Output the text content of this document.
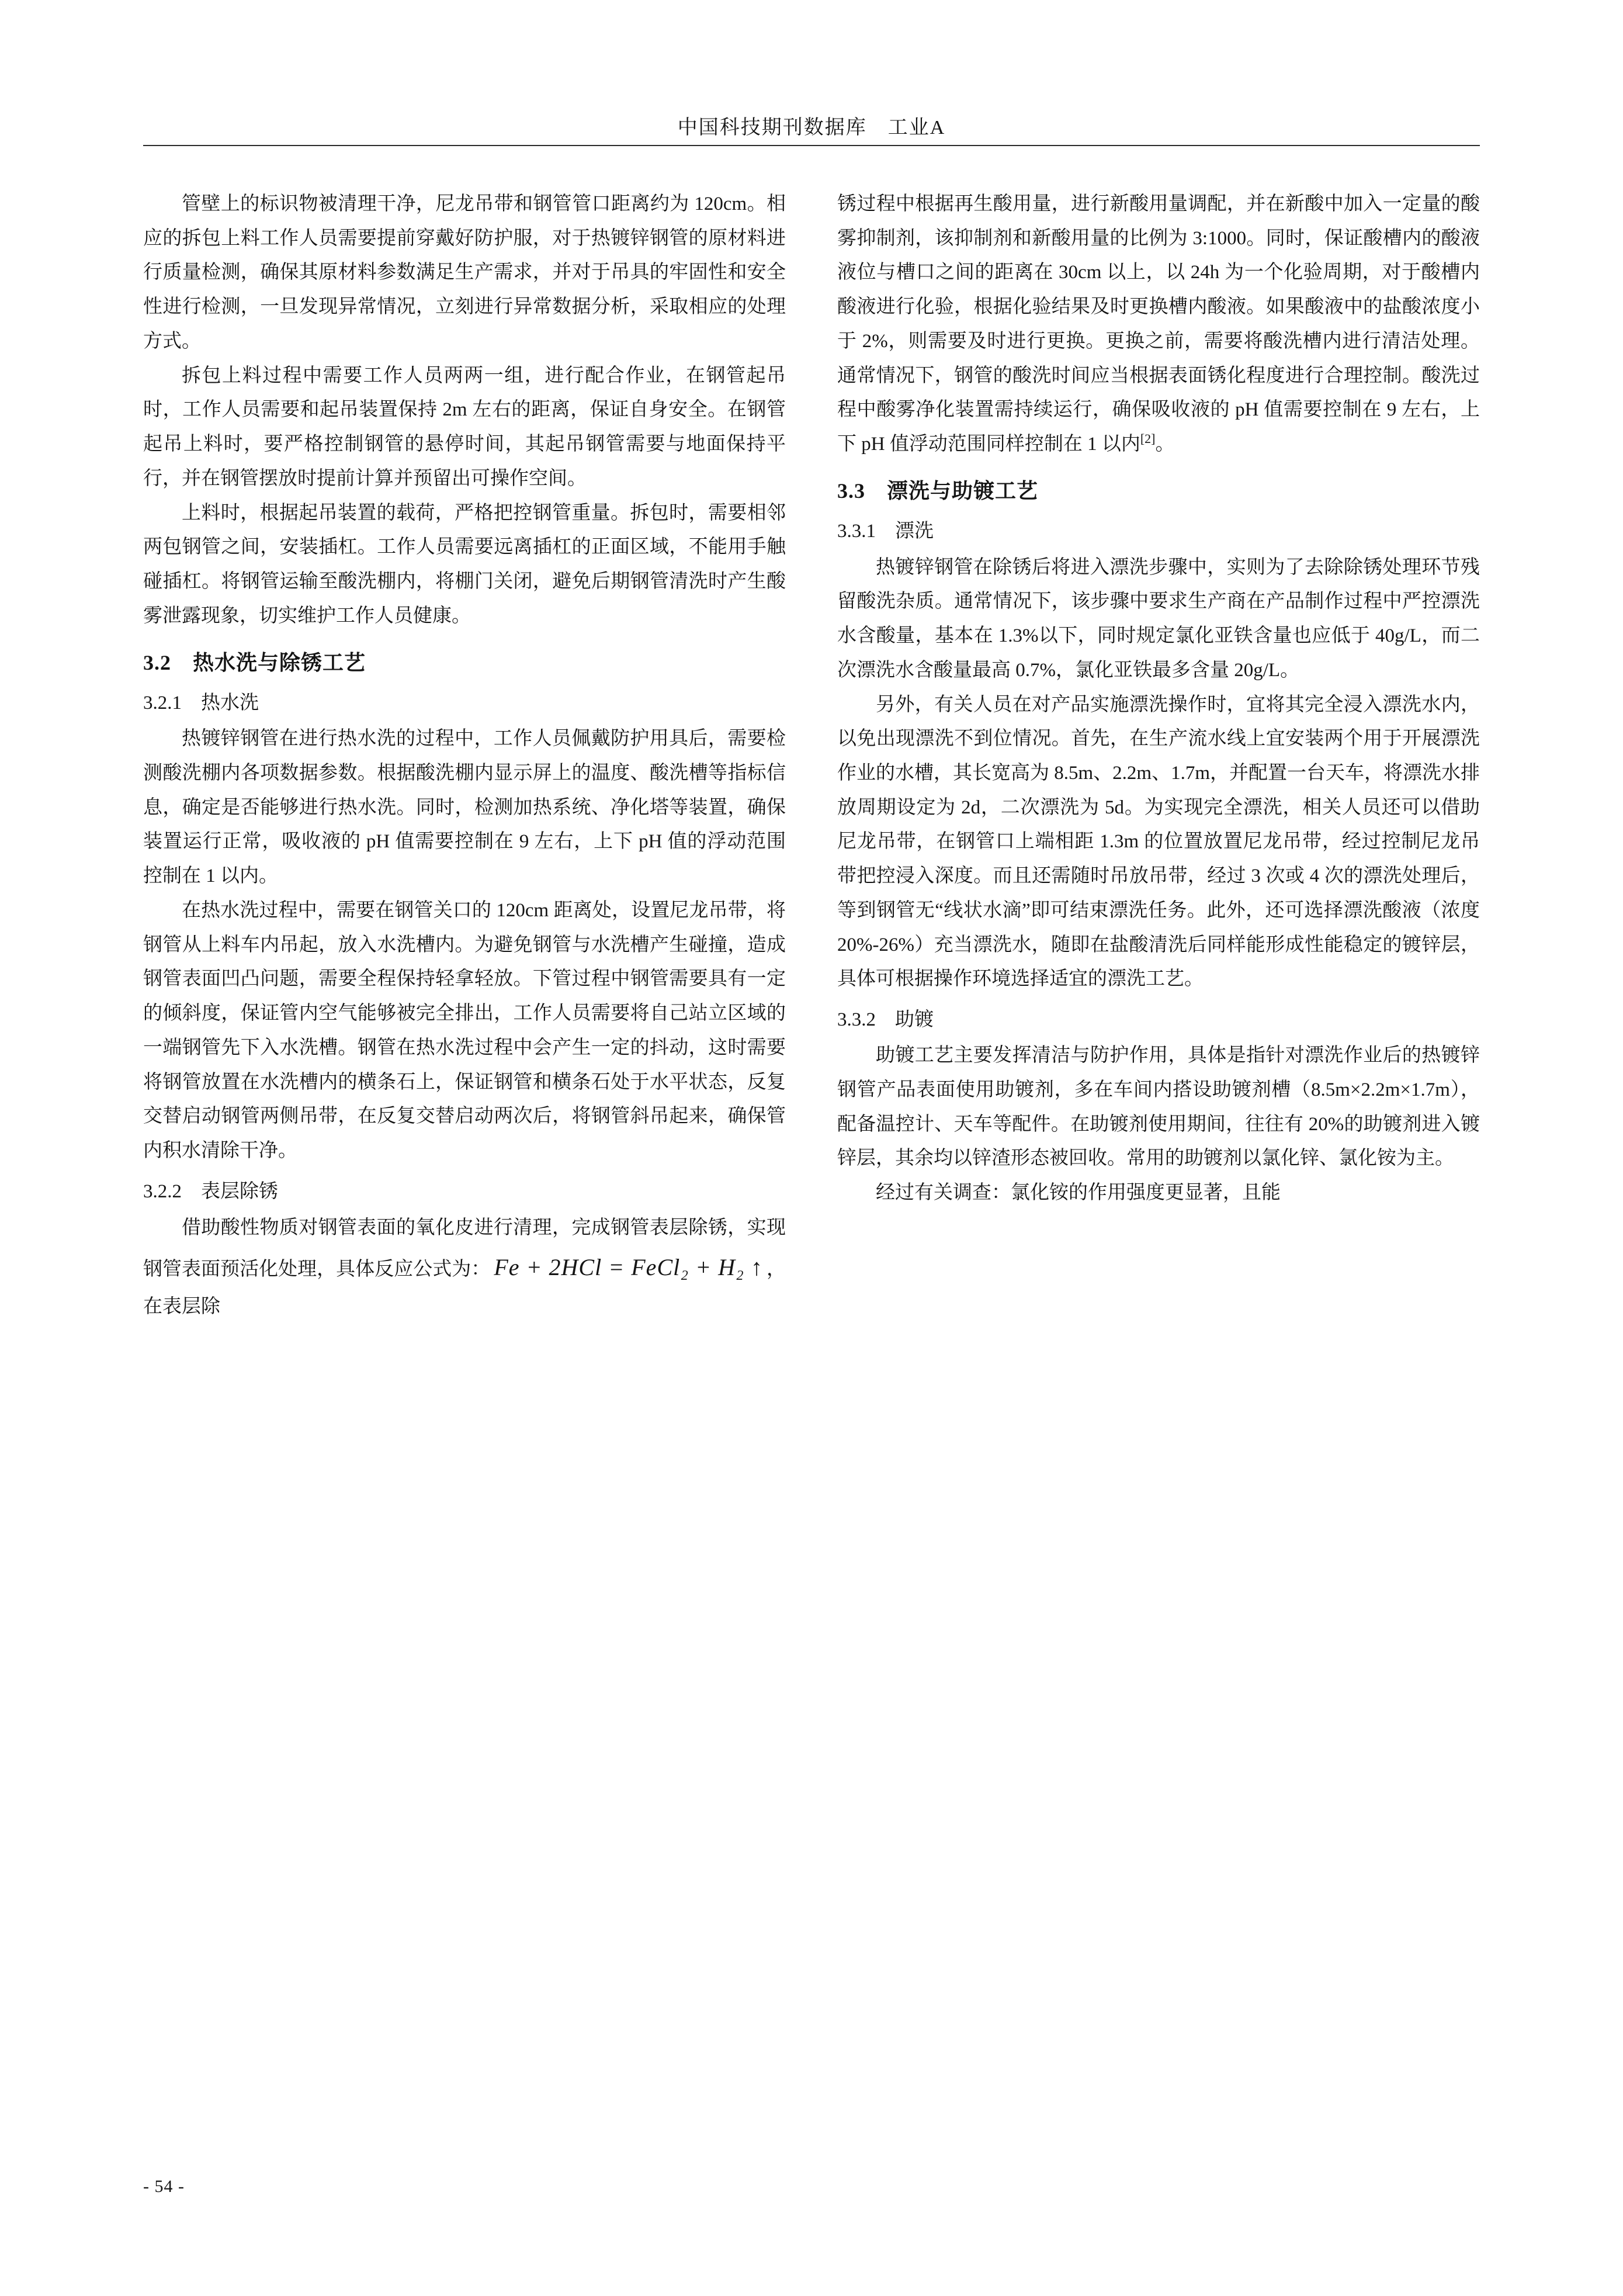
中国科技期刊数据库　工业A

管壁上的标识物被清理干净，尼龙吊带和钢管管口距离约为 120cm。相应的拆包上料工作人员需要提前穿戴好防护服，对于热镀锌钢管的原材料进行质量检测，确保其原材料参数满足生产需求，并对于吊具的牢固性和安全性进行检测，一旦发现异常情况，立刻进行异常数据分析，采取相应的处理方式。

拆包上料过程中需要工作人员两两一组，进行配合作业，在钢管起吊时，工作人员需要和起吊装置保持 2m 左右的距离，保证自身安全。在钢管起吊上料时，要严格控制钢管的悬停时间，其起吊钢管需要与地面保持平行，并在钢管摆放时提前计算并预留出可操作空间。

上料时，根据起吊装置的载荷，严格把控钢管重量。拆包时，需要相邻两包钢管之间，安装插杠。工作人员需要远离插杠的正面区域，不能用手触碰插杠。将钢管运输至酸洗棚内，将棚门关闭，避免后期钢管清洗时产生酸雾泄露现象，切实维护工作人员健康。

3.2　热水洗与除锈工艺
3.2.1　热水洗

热镀锌钢管在进行热水洗的过程中，工作人员佩戴防护用具后，需要检测酸洗棚内各项数据参数。根据酸洗棚内显示屏上的温度、酸洗槽等指标信息，确定是否能够进行热水洗。同时，检测加热系统、净化塔等装置，确保装置运行正常，吸收液的 pH 值需要控制在 9 左右，上下 pH 值的浮动范围控制在 1 以内。

在热水洗过程中，需要在钢管关口的 120cm 距离处，设置尼龙吊带，将钢管从上料车内吊起，放入水洗槽内。为避免钢管与水洗槽产生碰撞，造成钢管表面凹凸问题，需要全程保持轻拿轻放。下管过程中钢管需要具有一定的倾斜度，保证管内空气能够被完全排出，工作人员需要将自己站立区域的一端钢管先下入水洗槽。钢管在热水洗过程中会产生一定的抖动，这时需要将钢管放置在水洗槽内的横条石上，保证钢管和横条石处于水平状态，反复交替启动钢管两侧吊带，在反复交替启动两次后，将钢管斜吊起来，确保管内积水清除干净。

3.2.2　表层除锈

借助酸性物质对钢管表面的氧化皮进行清理，完成钢管表层除锈，实现钢管表面预活化处理，具体反应公式为： Fe + 2HCl = FeCl₂ + H₂ ↑ ，在表层除

锈过程中根据再生酸用量，进行新酸用量调配，并在新酸中加入一定量的酸雾抑制剂，该抑制剂和新酸用量的比例为 3:1000。同时，保证酸槽内的酸液液位与槽口之间的距离在 30cm 以上，以 24h 为一个化验周期，对于酸槽内酸液进行化验，根据化验结果及时更换槽内酸液。如果酸液中的盐酸浓度小于 2%，则需要及时进行更换。更换之前，需要将酸洗槽内进行清洁处理。通常情况下，钢管的酸洗时间应当根据表面锈化程度进行合理控制。酸洗过程中酸雾净化装置需持续运行，确保吸收液的 pH 值需要控制在 9 左右，上下 pH 值浮动范围同样控制在 1 以内[2]。

3.3　漂洗与助镀工艺
3.3.1　漂洗

热镀锌钢管在除锈后将进入漂洗步骤中，实则为了去除除锈处理环节残留酸洗杂质。通常情况下，该步骤中要求生产商在产品制作过程中严控漂洗水含酸量，基本在 1.3%以下，同时规定氯化亚铁含量也应低于 40g/L，而二次漂洗水含酸量最高 0.7%，氯化亚铁最多含量 20g/L。

另外，有关人员在对产品实施漂洗操作时，宜将其完全浸入漂洗水内，以免出现漂洗不到位情况。首先，在生产流水线上宜安装两个用于开展漂洗作业的水槽，其长宽高为 8.5m、2.2m、1.7m，并配置一台天车，将漂洗水排放周期设定为 2d，二次漂洗为 5d。为实现完全漂洗，相关人员还可以借助尼龙吊带，在钢管口上端相距 1.3m 的位置放置尼龙吊带，经过控制尼龙吊带把控浸入深度。而且还需随时吊放吊带，经过 3 次或 4 次的漂洗处理后，等到钢管无“线状水滴”即可结束漂洗任务。此外，还可选择漂洗酸液（浓度 20%-26%）充当漂洗水，随即在盐酸清洗后同样能形成性能稳定的镀锌层，具体可根据操作环境选择适宜的漂洗工艺。

3.3.2　助镀

助镀工艺主要发挥清洁与防护作用，具体是指针对漂洗作业后的热镀锌钢管产品表面使用助镀剂，多在车间内搭设助镀剂槽（8.5m×2.2m×1.7m），配备温控计、天车等配件。在助镀剂使用期间，往往有 20%的助镀剂进入镀锌层，其余均以锌渣形态被回收。常用的助镀剂以氯化锌、氯化铵为主。

经过有关调查：氯化铵的作用强度更显著，且能

- 54 -
